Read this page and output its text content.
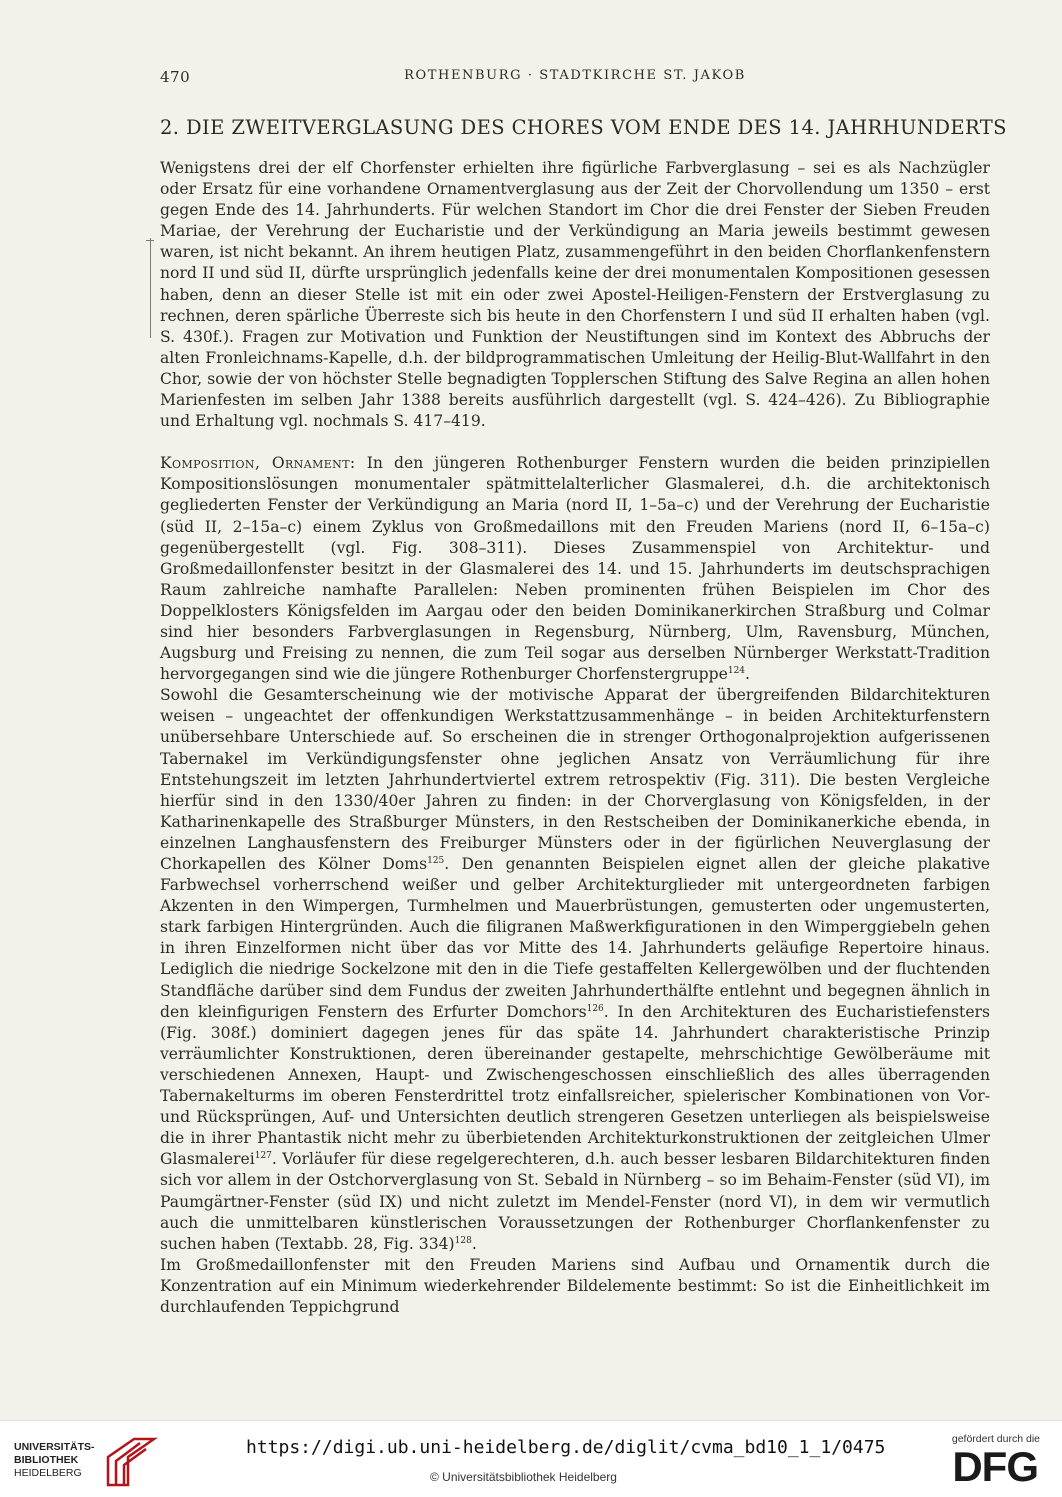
470	ROTHENBURG · STADTKIRCHE ST. JAKOB
2. DIE ZWEITVERGLASUNG DES CHORES VOM ENDE DES 14. JAHRHUNDERTS

Wenigstens drei der elf Chorfenster erhielten ihre figürliche Farbverglasung – sei es als Nachzügler oder Ersatz für eine vorhandene Ornamentverglasung aus der Zeit der Chorvollendung um 1350 – erst gegen Ende des 14. Jahrhunderts. Für welchen Standort im Chor die drei Fenster der Sieben Freuden Mariae, der Verehrung der Eucharistie und der Verkündigung an Maria jeweils bestimmt gewesen waren, ist nicht bekannt. An ihrem heutigen Platz, zusammengeführt in den beiden Chorflankenfenstern nord II und süd II, dürfte ursprünglich jedenfalls keine der drei monumentalen Kompositionen gesessen haben, denn an dieser Stelle ist mit ein oder zwei Apostel-Heiligen-Fenstern der Erstverglasung zu rechnen, deren spärliche Überreste sich bis heute in den Chorfenstern I und süd II erhalten haben (vgl. S. 430f.). Fragen zur Motivation und Funktion der Neustiftungen sind im Kontext des Abbruchs der alten Fronleichnams-Kapelle, d.h. der bildprogrammatischen Umleitung der Heilig-Blut-Wallfahrt in den Chor, sowie der von höchster Stelle begnadigten Topplerschen Stiftung des Salve Regina an allen hohen Marienfesten im selben Jahr 1388 bereits ausführlich dargestellt (vgl. S. 424–426). Zu Bibliographie und Erhaltung vgl. nochmals S. 417–419.

Komposition, Ornament: In den jüngeren Rothenburger Fenstern wurden die beiden prinzipiellen Kompositionslösungen monumentaler spätmittelalterlicher Glasmalerei, d.h. die architektonisch gegliederten Fenster der Verkündigung an Maria (nord II, 1–5a–c) und der Verehrung der Eucharistie (süd II, 2–15a–c) einem Zyklus von Großmedaillons mit den Freuden Mariens (nord II, 6–15a–c) gegenübergestellt (vgl. Fig. 308–311). Dieses Zusammenspiel von Architektur- und Großmedaillonfenster besitzt in der Glasmalerei des 14. und 15. Jahrhunderts im deutschsprachigen Raum zahlreiche namhafte Parallelen: Neben prominenten frühen Beispielen im Chor des Doppelklosters Königsfelden im Aargau oder den beiden Dominikanerkirchen Straßburg und Colmar sind hier besonders Farbverglasungen in Regensburg, Nürnberg, Ulm, Ravensburg, München, Augsburg und Freising zu nennen, die zum Teil sogar aus derselben Nürnberger Werkstatt-Tradition hervorgegangen sind wie die jüngere Rothenburger Chorfenstergruppe$^{124}$.

Sowohl die Gesamterscheinung wie der motivische Apparat der übergreifenden Bildarchitekturen weisen – ungeachtet der offenkundigen Werkstattzusammenhänge – in beiden Architekturfenstern unübersehbare Unterschiede auf. So erscheinen die in strenger Orthogonalprojektion aufgerissenen Tabernakel im Verkündigungsfenster ohne jeglichen Ansatz von Verräumlichung für ihre Entstehungszeit im letzten Jahrhundertviertel extrem retrospektiv (Fig. 311). Die besten Vergleiche hierfür sind in den 1330/40er Jahren zu finden: in der Chorverglasung von Königsfelden, in der Katharinenkapelle des Straßburger Münsters, in den Restscheiben der Dominikanerkiche ebenda, in einzelnen Langhausfenstern des Freiburger Münsters oder in der figürlichen Neuverglasung der Chorkapellen des Kölner Doms$^{125}$. Den genannten Beispielen eignet allen der gleiche plakative Farbwechsel vorherrschend weißer und gelber Architekturglieder mit untergeordneten farbigen Akzenten in den Wimpergen, Turmhelmen und Mauerbrüstungen, gemusterten oder ungemusterten, stark farbigen Hintergründen. Auch die filigranen Maßwerkfigurationen in den Wimperggiebeln gehen in ihren Einzelformen nicht über das vor Mitte des 14. Jahrhunderts geläufige Repertoire hinaus. Lediglich die niedrige Sockelzone mit den in die Tiefe gestaffelten Kellergewölben und der fluchtenden Standfläche darüber sind dem Fundus der zweiten Jahrhunderthälfte entlehnt und begegnen ähnlich in den kleinfigurigen Fenstern des Erfurter Domchors$^{126}$. In den Architekturen des Eucharistiefensters (Fig. 308f.) dominiert dagegen jenes für das späte 14. Jahrhundert charakteristische Prinzip verräumlichter Konstruktionen, deren übereinander gestapelte, mehrschichtige Gewölberäume mit verschiedenen Annexen, Haupt- und Zwischengeschossen einschließlich des alles überragenden Tabernakelturms im oberen Fensterdrittel trotz einfallsreicher, spielerischer Kombinationen von Vor- und Rücksprüngen, Auf- und Untersichten deutlich strengeren Gesetzen unterliegen als beispielsweise die in ihrer Phantastik nicht mehr zu überbietenden Architekturkonstruktionen der zeitgleichen Ulmer Glasmalerei$^{127}$. Vorläufer für diese regelgerechteren, d.h. auch besser lesbaren Bildarchitekturen finden sich vor allem in der Ostchorverglasung von St. Sebald in Nürnberg – so im Behaim-Fenster (süd VI), im Paumgärtner-Fenster (süd IX) und nicht zuletzt im Mendel-Fenster (nord VI), in dem wir vermutlich auch die unmittelbaren künstlerischen Voraussetzungen der Rothenburger Chorflankenfenster zu suchen haben (Textabb. 28, Fig. 334)$^{128}$.

Im Großmedaillonfenster mit den Freuden Mariens sind Aufbau und Ornamentik durch die Konzentration auf ein Minimum wiederkehrender Bildelemente bestimmt: So ist die Einheitlichkeit im durchlaufenden Teppichgrund

UNIVERSITÄTS-
BIBLIOTHEK
HEIDELBERG
https://digi.ub.uni-heidelberg.de/diglit/cvma_bd10_1_1/0475
© Universitätsbibliothek Heidelberg
gefördert durch die
DFG
